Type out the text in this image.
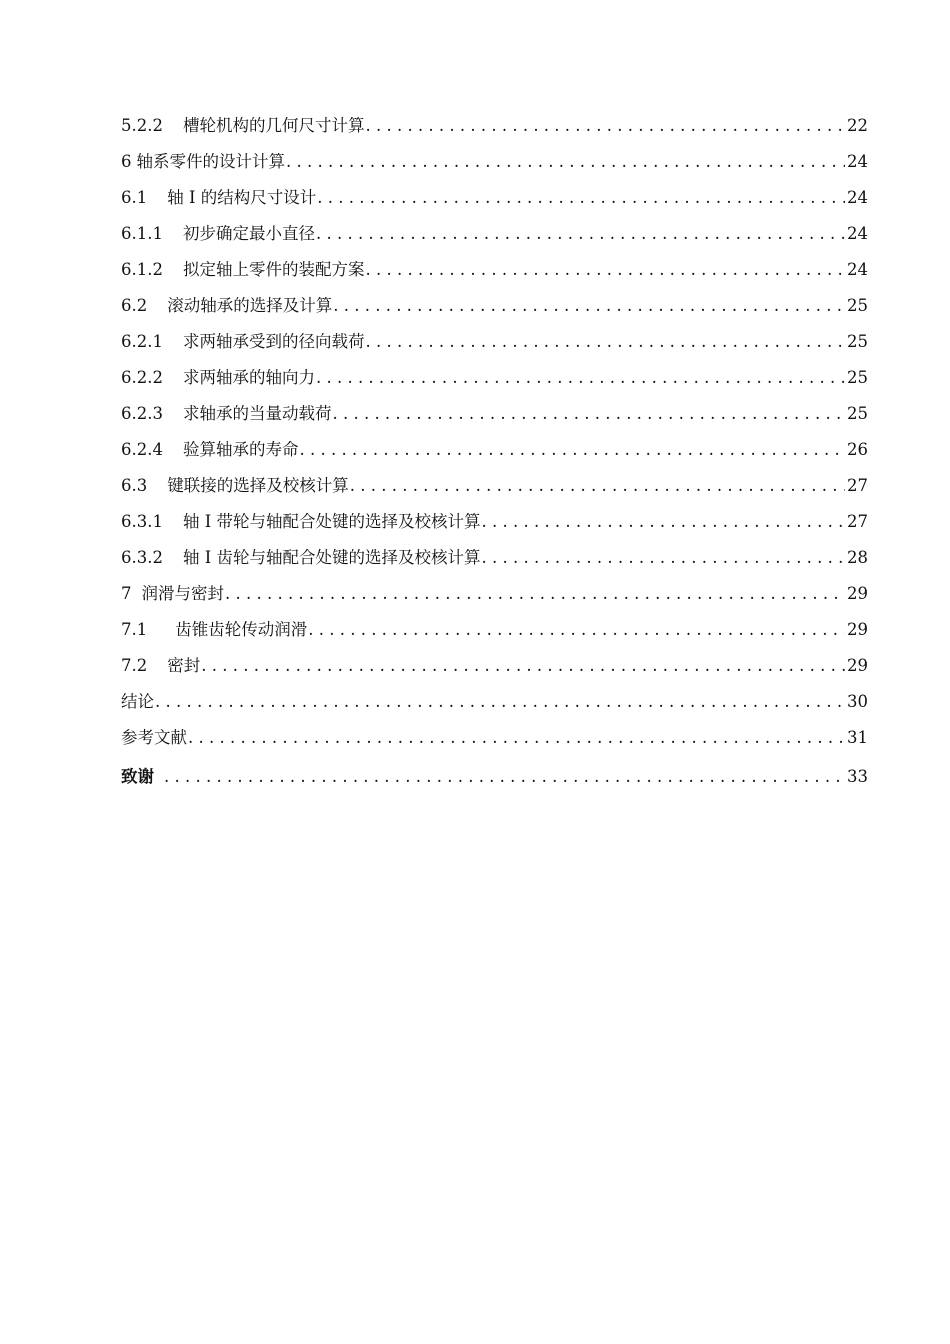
5.2.2 槽轮机构的几何尺寸计算 . . .	22
6 轴系零件的设计计算 . . .	24
6.1 轴 I 的结构尺寸设计 . . .	24
6.1.1 初步确定最小直径 . . .	24
6.1.2 拟定轴上零件的装配方案 . . .	24
6.2 滚动轴承的选择及计算 . . .	25
6.2.1 求两轴承受到的径向载荷 . . .	25
6.2.2 求两轴承的轴向力 . . .	25
6.2.3 求轴承的当量动载荷 . . .	25
6.2.4 验算轴承的寿命 . . .	26
6.3 键联接的选择及校核计算 . . .	27
6.3.1 轴 I 带轮与轴配合处键的选择及校核计算 . . .	27
6.3.2 轴 I 齿轮与轴配合处键的选择及校核计算 . . .	28
7 润滑与密封 . . .	29
7.1 齿锥齿轮传动润滑 . . .	29
7.2 密封 . . .	29
结论 . . .	30
参考文献 . . .	31
致谢 . . .	33
